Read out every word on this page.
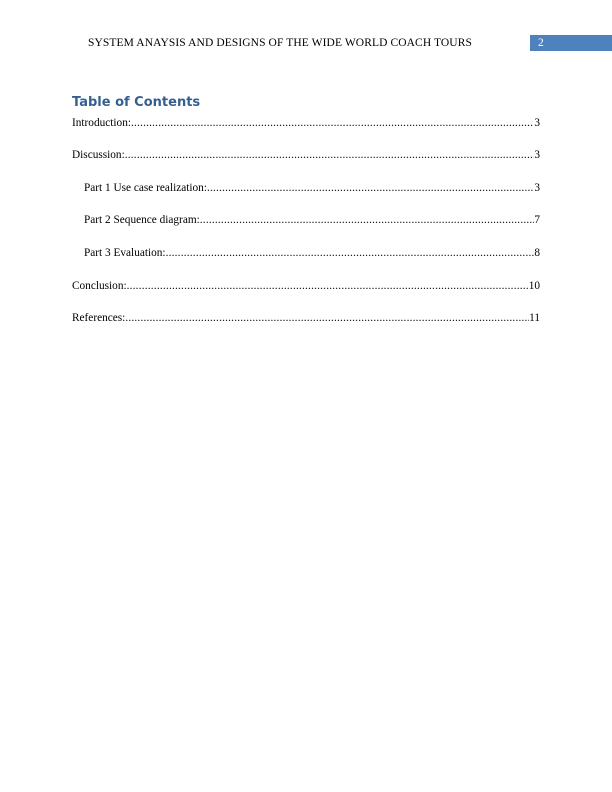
SYSTEM ANAYSIS AND DESIGNS OF THE WIDE WORLD COACH TOURS	2
Table of Contents
Introduction: .....	3
Discussion: .....	3
Part 1 Use case realization: .....	3
Part 2 Sequence diagram: .....	7
Part 3 Evaluation: .....	8
Conclusion: .....	10
References: .....	11
